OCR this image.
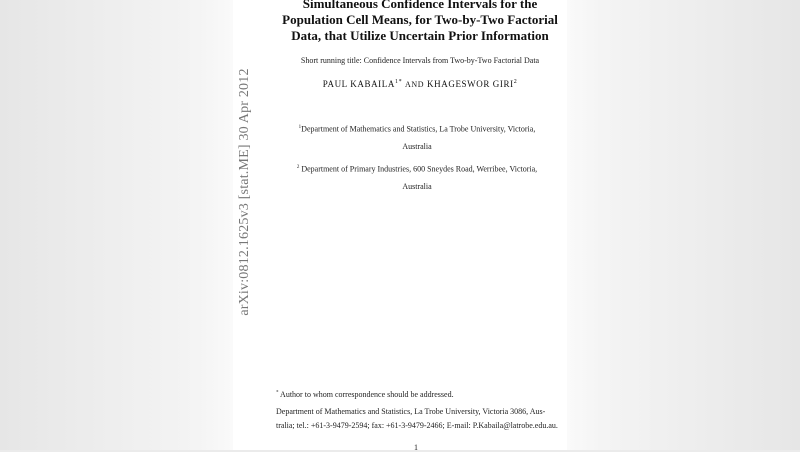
arXiv:0812.1625v3 [stat.ME] 30 Apr 2012
Simultaneous Confidence Intervals for the
Population Cell Means, for Two-by-Two Factorial
Data, that Utilize Uncertain Prior Information
Short running title: Confidence Intervals from Two-by-Two Factorial Data
PAUL $KABAILA^{1*}$ AND KHAGESWOR GIRI$^2$
$^1$Department of Mathematics and Statistics, La Trobe University, Victoria,
Australia
$^2$ Department of Primary Industries, 600 Sneydes Road, Werribee, Victoria,
Australia
* Author to whom correspondence should be addressed.
Department of Mathematics and Statistics, La Trobe University, Victoria 3086, Aus-
tralia; tel.: +61-3-9479-2594; fax: +61-3-9479-2466; E-mail: P.Kabaila@latrobe.edu.au.
1
